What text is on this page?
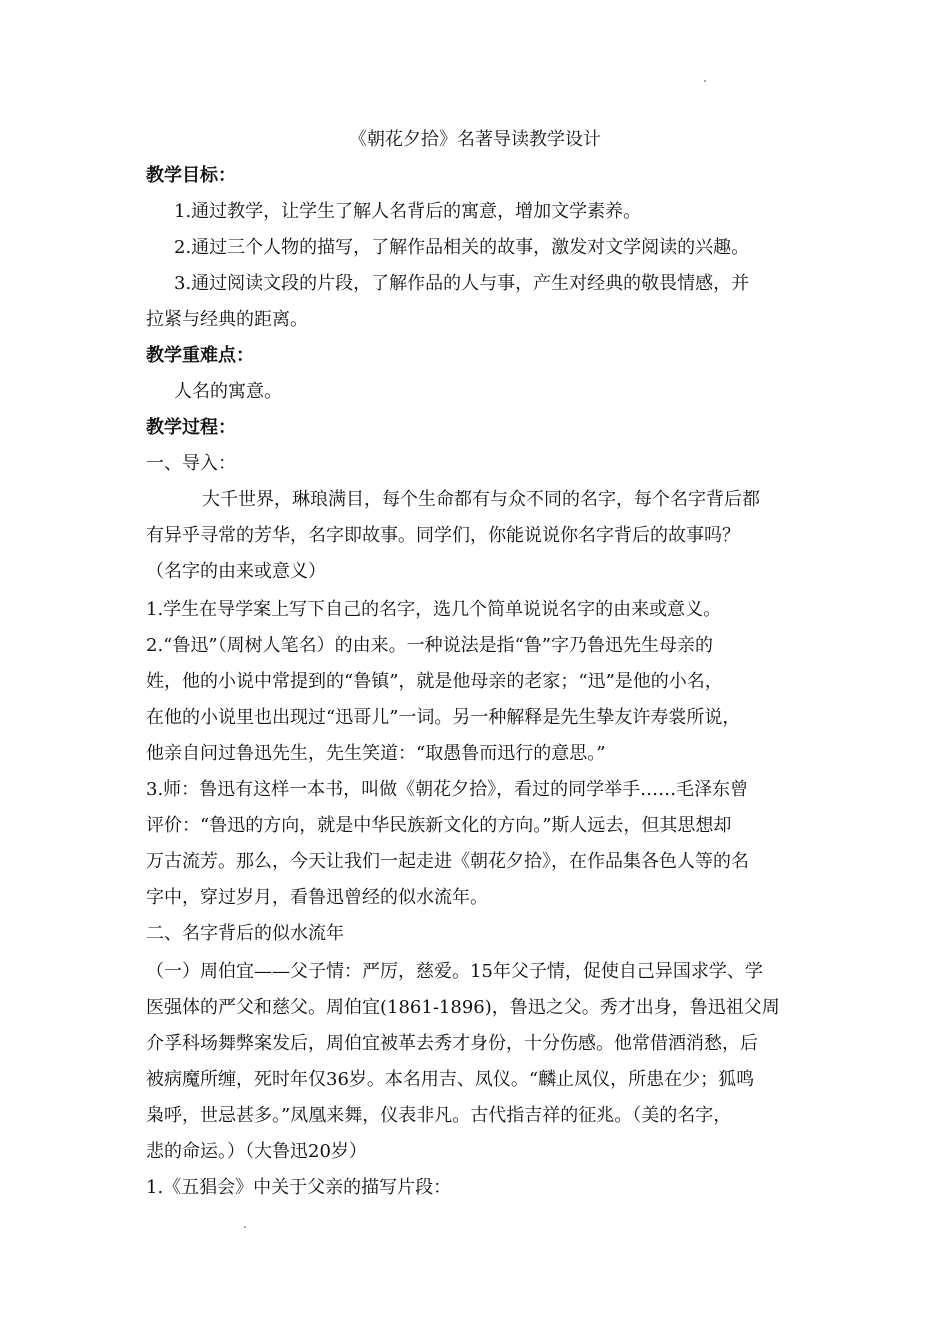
《朝花夕拾》名著导读教学设计
教学目标：
1.通过教学，让学生了解人名背后的寓意，增加文学素养。
2.通过三个人物的描写，了解作品相关的故事，激发对文学阅读的兴趣。
3.通过阅读文段的片段，了解作品的人与事，产生对经典的敬畏情感，并
拉紧与经典的距离。
教学重难点：
人名的寓意。
教学过程：
一、导入：
大千世界，琳琅满目，每个生命都有与众不同的名字，每个名字背后都
有异乎寻常的芳华，名字即故事。同学们，你能说说你名字背后的故事吗？
（名字的由来或意义）
1.学生在导学案上写下自己的名字，选几个简单说说名字的由来或意义。
2.“鲁迅”（周树人笔名）的由来。一种说法是指“鲁”字乃鲁迅先生母亲的
姓，他的小说中常提到的“鲁镇”，就是他母亲的老家；“迅”是他的小名，
在他的小说里也出现过“迅哥儿”一词。另一种解释是先生挚友许寿裳所说，
他亲自问过鲁迅先生，先生笑道：“取愚鲁而迅行的意思。”
3.师：鲁迅有这样一本书，叫做《朝花夕拾》，看过的同学举手……毛泽东曾
评价：“鲁迅的方向，就是中华民族新文化的方向。”斯人远去，但其思想却
万古流芳。那么，今天让我们一起走进《朝花夕拾》，在作品集各色人等的名
字中，穿过岁月，看鲁迅曾经的似水流年。
二、名字背后的似水流年
（一）周伯宜——父子情：严厉，慈爱。15年父子情，促使自己异国求学、学
医强体的严父和慈父。周伯宜(1861-1896)，鲁迅之父。秀才出身，鲁迅祖父周
介孚科场舞弊案发后，周伯宜被革去秀才身份，十分伤感。他常借酒消愁，后
被病魔所缠，死时年仅36岁。本名用吉、凤仪。“麟止凤仪，所患在少；狐鸣
枭呼，世忌甚多。”凤凰来舞，仪表非凡。古代指吉祥的征兆。（美的名字，
悲的命运。）（大鲁迅20岁）
1.《五猖会》中关于父亲的描写片段：
